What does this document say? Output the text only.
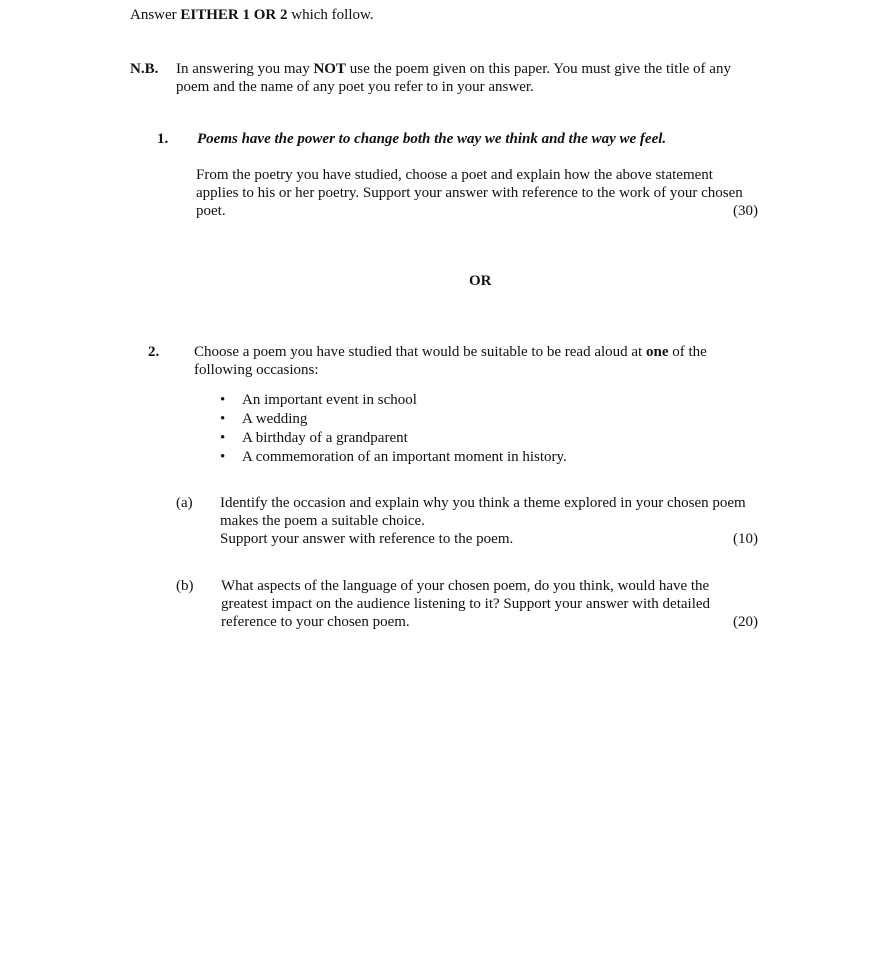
Answer EITHER 1 OR 2 which follow.
N.B. In answering you may NOT use the poem given on this paper. You must give the title of any
poem and the name of any poet you refer to in your answer.
1. Poems have the power to change both the way we think and the way we feel.
From the poetry you have studied, choose a poet and explain how the above statement
applies to his or her poetry. Support your answer with reference to the work of your chosen
poet.	(30)
OR
2. Choose a poem you have studied that would be suitable to be read aloud at one of the
following occasions:
• An important event in school
• A wedding
• A birthday of a grandparent
• A commemoration of an important moment in history.
(a) Identify the occasion and explain why you think a theme explored in your chosen poem
makes the poem a suitable choice.
Support your answer with reference to the poem.	(10)
(b) What aspects of the language of your chosen poem, do you think, would have the
greatest impact on the audience listening to it? Support your answer with detailed
reference to your chosen poem.	(20)
